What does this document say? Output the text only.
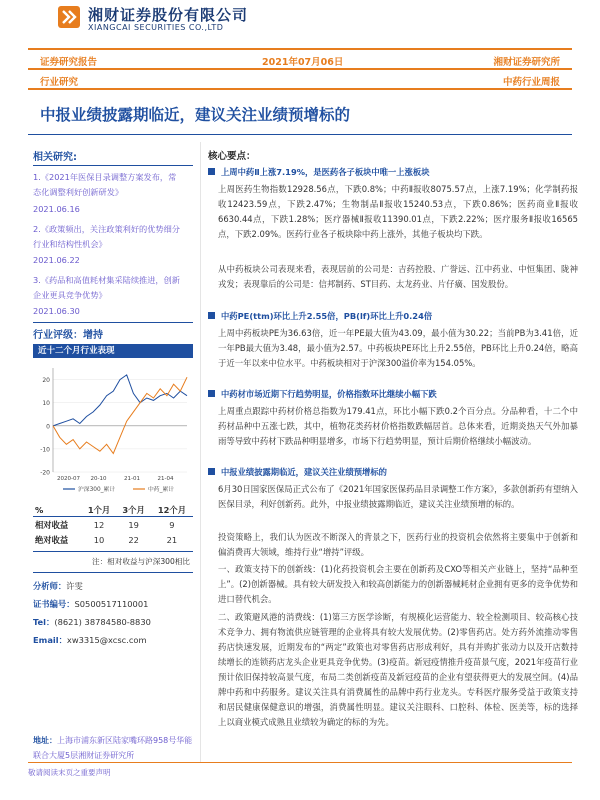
湘财证券股份有限公司
XIANGCAI SECURITIES CO.,LTD
证券研究报告	2021年07月06日	湘财证券研究所
行业研究	中药行业周报
中报业绩披露期临近，建议关注业绩预增标的
相关研究:
1.《2021年医保目录调整方案发布，常态化调整利好创新研发》
2021.06.16
2.《政策频出，关注政策利好的优势细分行业和结构性机会》
2021.06.22
3.《药品和高值耗材集采陆续推进，创新企业更具竞争优势》
2021.06.30
行业评级：增持
近十二个月行业表现
-20
-10
0
10
20
2020-07 20-10	21-01	21-04
沪深300_累计	中药_累计
%	1个月	3个月	12个月
相对收益	12	19	9
绝对收益	10	22	21
注：相对收益与沪深300相比
分析师：许雯
证书编号：S0500517110001
Tel：(8621) 38784580-8830
Email：xw3315@xcsc.com
地址：上海市浦东新区陆家嘴环路958号华能联合大厦5层湘财证券研究所
核心要点：
上周中药Ⅱ上涨7.19%，是医药各子板块中唯一上涨板块
上周医药生物指数12928.56点，下跌0.8%；中药Ⅱ报收8075.57点，上涨7.19%；化学制药报收12423.59点，下跌2.47%；生物制品Ⅱ报收15240.53点，下跌0.86%；医药商业Ⅱ报收6630.44点，下跌1.28%；医疗器械Ⅱ报收11390.01点，下跌2.22%；医疗服务Ⅱ报收16565点，下跌2.09%。医药行业各子板块除中药上涨外，其他子板块均下跌。
从中药板块公司表现来看，表现居前的公司是：吉药控股、广誉远、江中药业、中恒集团、陇神戎发；表现靠后的公司是：信邦制药、ST目药、太龙药业、片仔癀、国发股份。
中药PE(ttm)环比上升2.55倍，PB(lf)环比上升0.24倍
上周中药板块PE为36.63倍，近一年PE最大值为43.09，最小值为30.22；当前PB为3.41倍，近一年PB最大值为3.48，最小值为2.57。中药板块PE环比上升2.55倍，PB环比上升0.24倍，略高于近一年以来中位水平。中药板块相对于沪深300溢价率为154.05%。
中药材市场近期下行趋势明显，价格指数环比继续小幅下跌
上周重点跟踪中药材价格总指数为179.41点，环比小幅下跌0.2个百分点。分品种看，十二个中药材品种中五涨七跌，其中，植物花类药材价格指数跌幅居首。总体来看，近期炎热天气外加暴雨等导致中药材下跌品种明显增多，市场下行趋势明显，预计后期价格继续小幅波动。
中报业绩披露期临近，建议关注业绩预增标的
6月30日国家医保局正式公布了《2021年国家医保药品目录调整工作方案》，多款创新药有望纳入医保目录，利好创新药。此外，中报业绩披露期临近，建议关注业绩预增的标的。
投资策略上，我们认为医改不断深入的背景之下，医药行业的投资机会依然将主要集中于创新和偏消费再大领域，维持行业“增持”评级。
一、政策支持下的创新线：(1)化药投资机会主要在创新药及CXO等相关产业链上，坚持“品种至上”。(2)创新器械。具有较大研发投入和较高创新能力的创新器械耗材企业拥有更多的竞争优势和进口替代机会。
二、政策避风港的消费线：(1)第三方医学诊断，有规模化运营能力、较全检测项目、较高核心技术竞争力、拥有物流供应链管理的企业将具有较大发展优势。(2)零售药店。处方药外流推动零售药店快速发展，近期发布的“两定”政策也对零售药店形成利好，具有并购扩张动力以及开店数持续增长的连锁药店龙头企业更具竞争优势。(3)疫苗。新冠疫情推升疫苗景气度，2021年疫苗行业预计依旧保持较高景气度，布局二类创新疫苗及新冠疫苗的企业有望获得更大的发展空间。(4)品牌中药和中药服务。建议关注具有消费属性的品牌中药行业龙头。专科医疗服务受益于政策支持和居民健康保健意识的增强，消费属性明显。建议关注眼科、口腔科、体检、医美等，标的选择上以商业模式成熟且业绩较为确定的标的为先。
敬请阅读末页之重要声明
